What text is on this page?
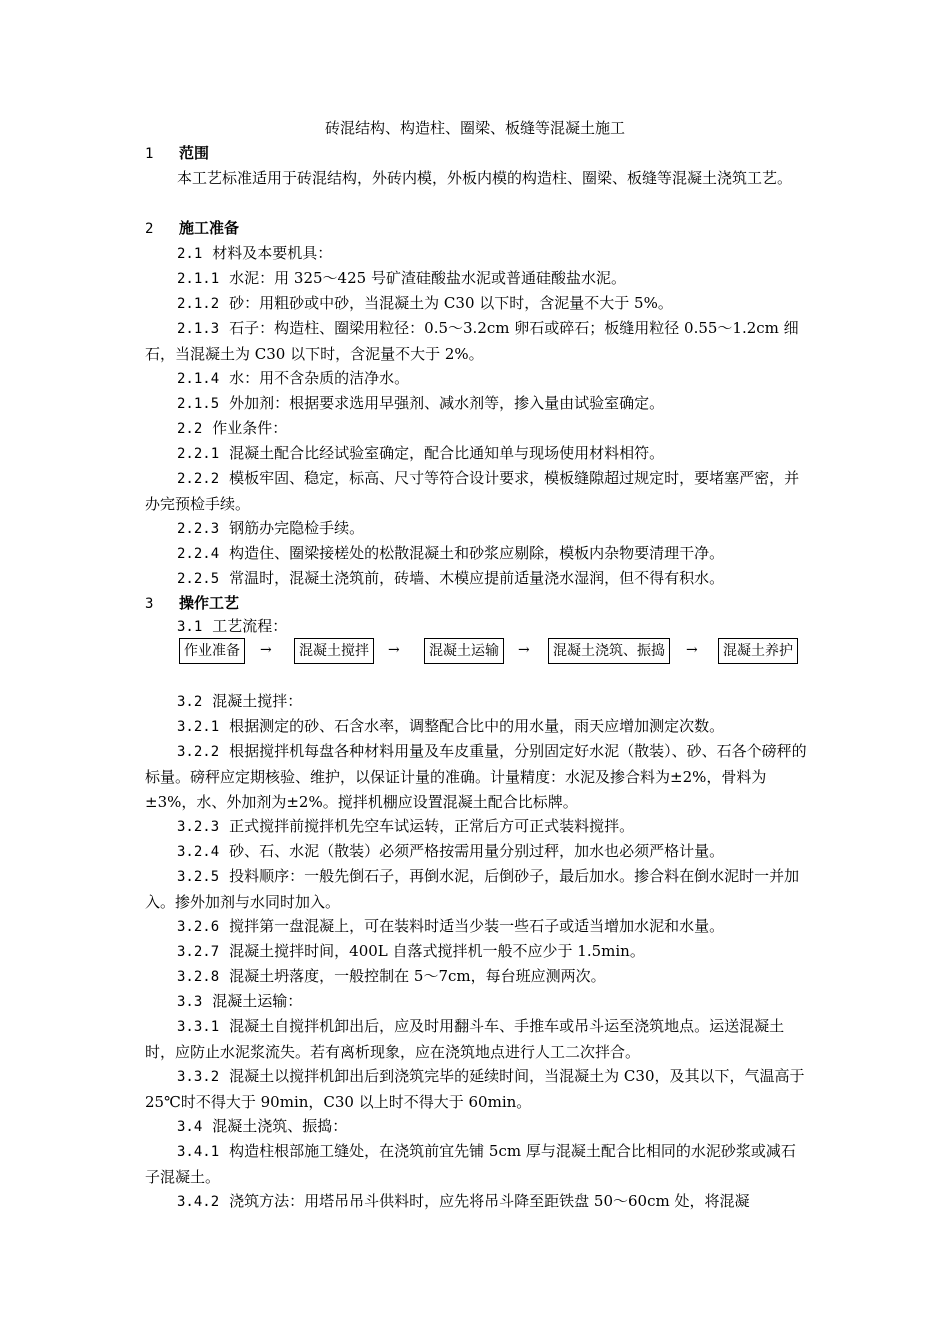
砖混结构、构造柱、圈梁、板缝等混凝土施工
1 范围
本工艺标准适用于砖混结构，外砖内模，外板内模的构造柱、圈梁、板缝等混凝土浇筑工艺。
2 施工准备
2.1 材料及本要机具：
2.1.1 水泥：用 325～425 号矿渣硅酸盐水泥或普通硅酸盐水泥。
2.1.2 砂：用粗砂或中砂，当混凝土为 C30 以下时，含泥量不大于 5%。
2.1.3 石子：构造柱、圈梁用粒径：0.5～3.2cm 卵石或碎石；板缝用粒径 0.55～1.2cm 细石，当混凝土为 C30 以下时，含泥量不大于 2%。
2.1.4 水：用不含杂质的洁净水。
2.1.5 外加剂：根据要求选用早强剂、减水剂等，掺入量由试验室确定。
2.2 作业条件：
2.2.1 混凝土配合比经试验室确定，配合比通知单与现场使用材料相符。
2.2.2 模板牢固、稳定，标高、尺寸等符合设计要求，模板缝隙超过规定时，要堵塞严密，并办完预检手续。
2.2.3 钢筋办完隐检手续。
2.2.4 构造住、圈梁接槎处的松散混凝土和砂浆应剔除，模板内杂物要清理干净。
2.2.5 常温时，混凝土浇筑前，砖墙、木模应提前适量浇水湿润，但不得有积水。
3 操作工艺
3.1 工艺流程：
作业准备	→	混凝土搅拌	→	混凝土运输	→	混凝土浇筑、振捣	→	混凝土养护
3.2 混凝土搅拌：
3.2.1 根据测定的砂、石含水率，调整配合比中的用水量，雨天应增加测定次数。
3.2.2 根据搅拌机每盘各种材料用量及车皮重量，分别固定好水泥（散装）、砂、石各个磅秤的标量。磅秤应定期核验、维护，以保证计量的准确。计量精度：水泥及掺合料为±2%，骨料为±3%，水、外加剂为±2%。搅拌机棚应设置混凝土配合比标牌。
3.2.3 正式搅拌前搅拌机先空车试运转，正常后方可正式装料搅拌。
3.2.4 砂、石、水泥（散装）必须严格按需用量分别过秤，加水也必须严格计量。
3.2.5 投料顺序：一般先倒石子，再倒水泥，后倒砂子，最后加水。掺合料在倒水泥时一并加入。掺外加剂与水同时加入。
3.2.6 搅拌第一盘混凝上，可在装料时适当少装一些石子或适当增加水泥和水量。
3.2.7 混凝土搅拌时间，400L 自落式搅拌机一般不应少于 1.5min。
3.2.8 混凝土坍落度，一般控制在 5～7cm，每台班应测两次。
3.3 混凝土运输：
3.3.1 混凝土自搅拌机卸出后，应及时用翻斗车、手推车或吊斗运至浇筑地点。运送混凝土时，应防止水泥浆流失。若有离析现象，应在浇筑地点进行人工二次拌合。
3.3.2 混凝土以搅拌机卸出后到浇筑完毕的延续时间，当混凝土为 C30，及其以下，气温高于 25℃时不得大于 90min，C30 以上时不得大于 60min。
3.4 混凝土浇筑、振捣：
3.4.1 构造柱根部施工缝处，在浇筑前宜先铺 5cm 厚与混凝土配合比相同的水泥砂浆或减石子混凝土。
3.4.2 浇筑方法：用塔吊吊斗供料时，应先将吊斗降至距铁盘 50～60cm 处，将混凝
